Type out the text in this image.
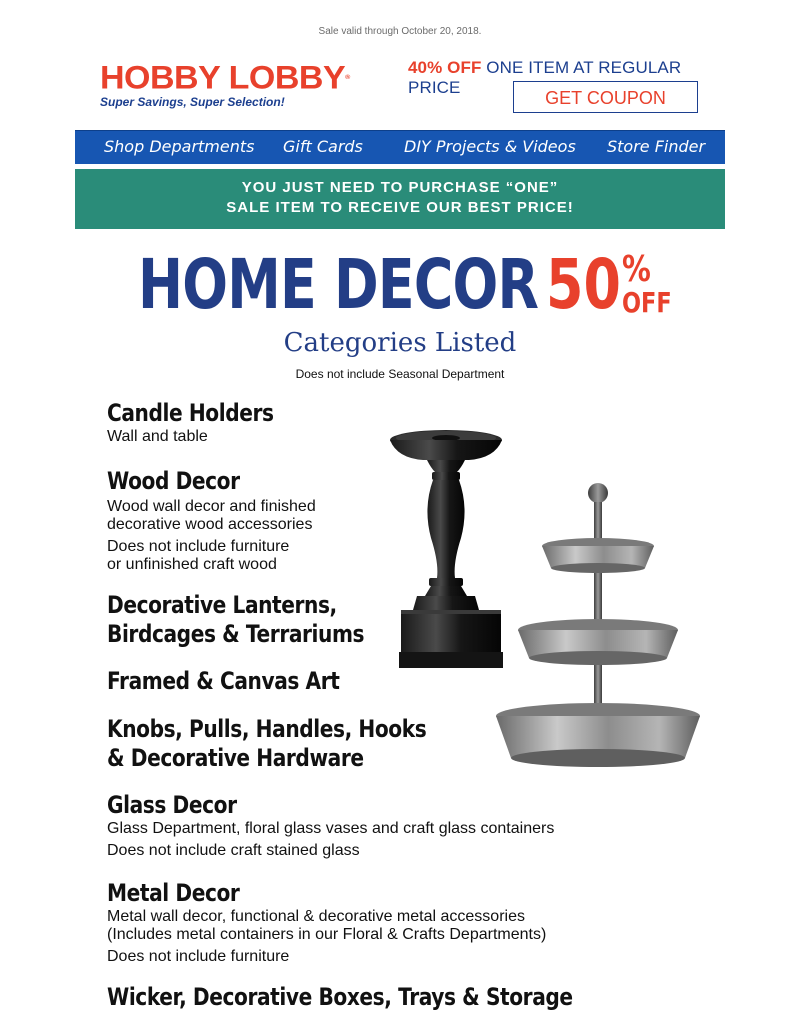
Sale valid through October 20, 2018.
HOBBY LOBBY®
Super Savings, Super Selection!
40% OFF ONE ITEM AT REGULAR PRICE
GET COUPON
Shop Departments Gift Cards	DIY Projects & Videos Store Finder
YOU JUST NEED TO PURCHASE “ONE”
SALE ITEM TO RECEIVE OUR BEST PRICE!
HOME DECOR 50 %
OFF
Categories Listed
Does not include Seasonal Department
Candle Holders
Wall and table
Wood Decor
Wood wall decor and finished
decorative wood accessories
Does not include furniture
or unfinished craft wood
Decorative Lanterns,
Birdcages & Terrariums
Framed & Canvas Art
Knobs, Pulls, Handles, Hooks
& Decorative Hardware
Glass Decor
Glass Department, floral glass vases and craft glass containers
Does not include craft stained glass
Metal Decor
Metal wall decor, functional & decorative metal accessories
(Includes metal containers in our Floral & Crafts Departments)
Does not include furniture
Wicker, Decorative Boxes, Trays & Storage
